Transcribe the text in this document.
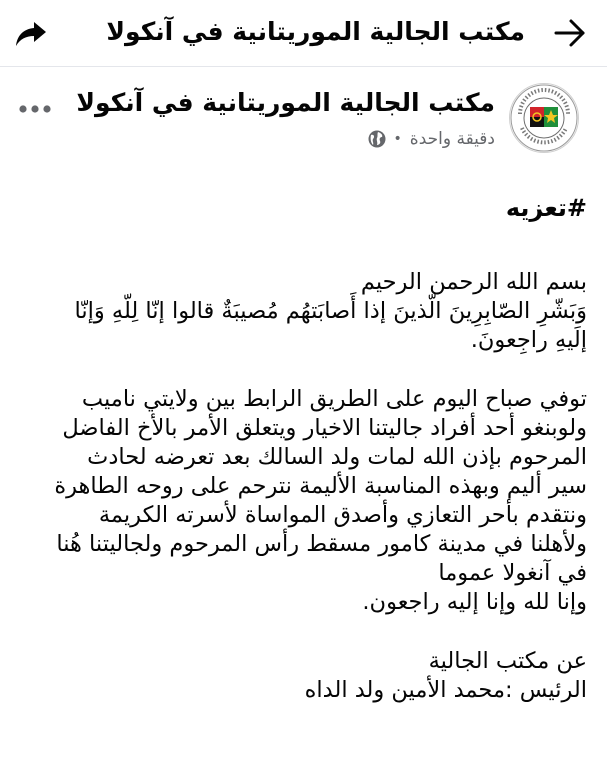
مكتب الجالية الموريتانية في آنكولا
مكتب الجالية الموريتانية في آنكولا
دقيقة واحدة
•
#تعزيه
بسم الله الرحمن الرحيم
وَبَشّرِ الصّابِرِينَ الّذينَ إذا أَصابَتهُم مُصيبَةٌ قالوا إنّا لِلّهِ وَإنّا
إلَيهِ راجِعونَ.
توفي صباح اليوم على الطريق الرابط بين ولايتي ناميب
ولوبنغو أحد أفراد جاليتنا الاخيار ويتعلق الأمر بالأخ الفاضل
المرحوم بإذن الله لمات ولد السالك بعد تعرضه لحادث
سير أليم وبهذه المناسبة الأليمة نترحم على روحه الطاهرة
ونتقدم بأحر التعازي وأصدق المواساة لأسرته الكريمة
ولأهلنا في مدينة كامور مسقط رأس المرحوم ولجاليتنا هُنا
في آنغولا عموما
وإنا لله وإنا إليه راجعون.
عن مكتب الجالية
الرئيس :محمد الأمين ولد الداه
